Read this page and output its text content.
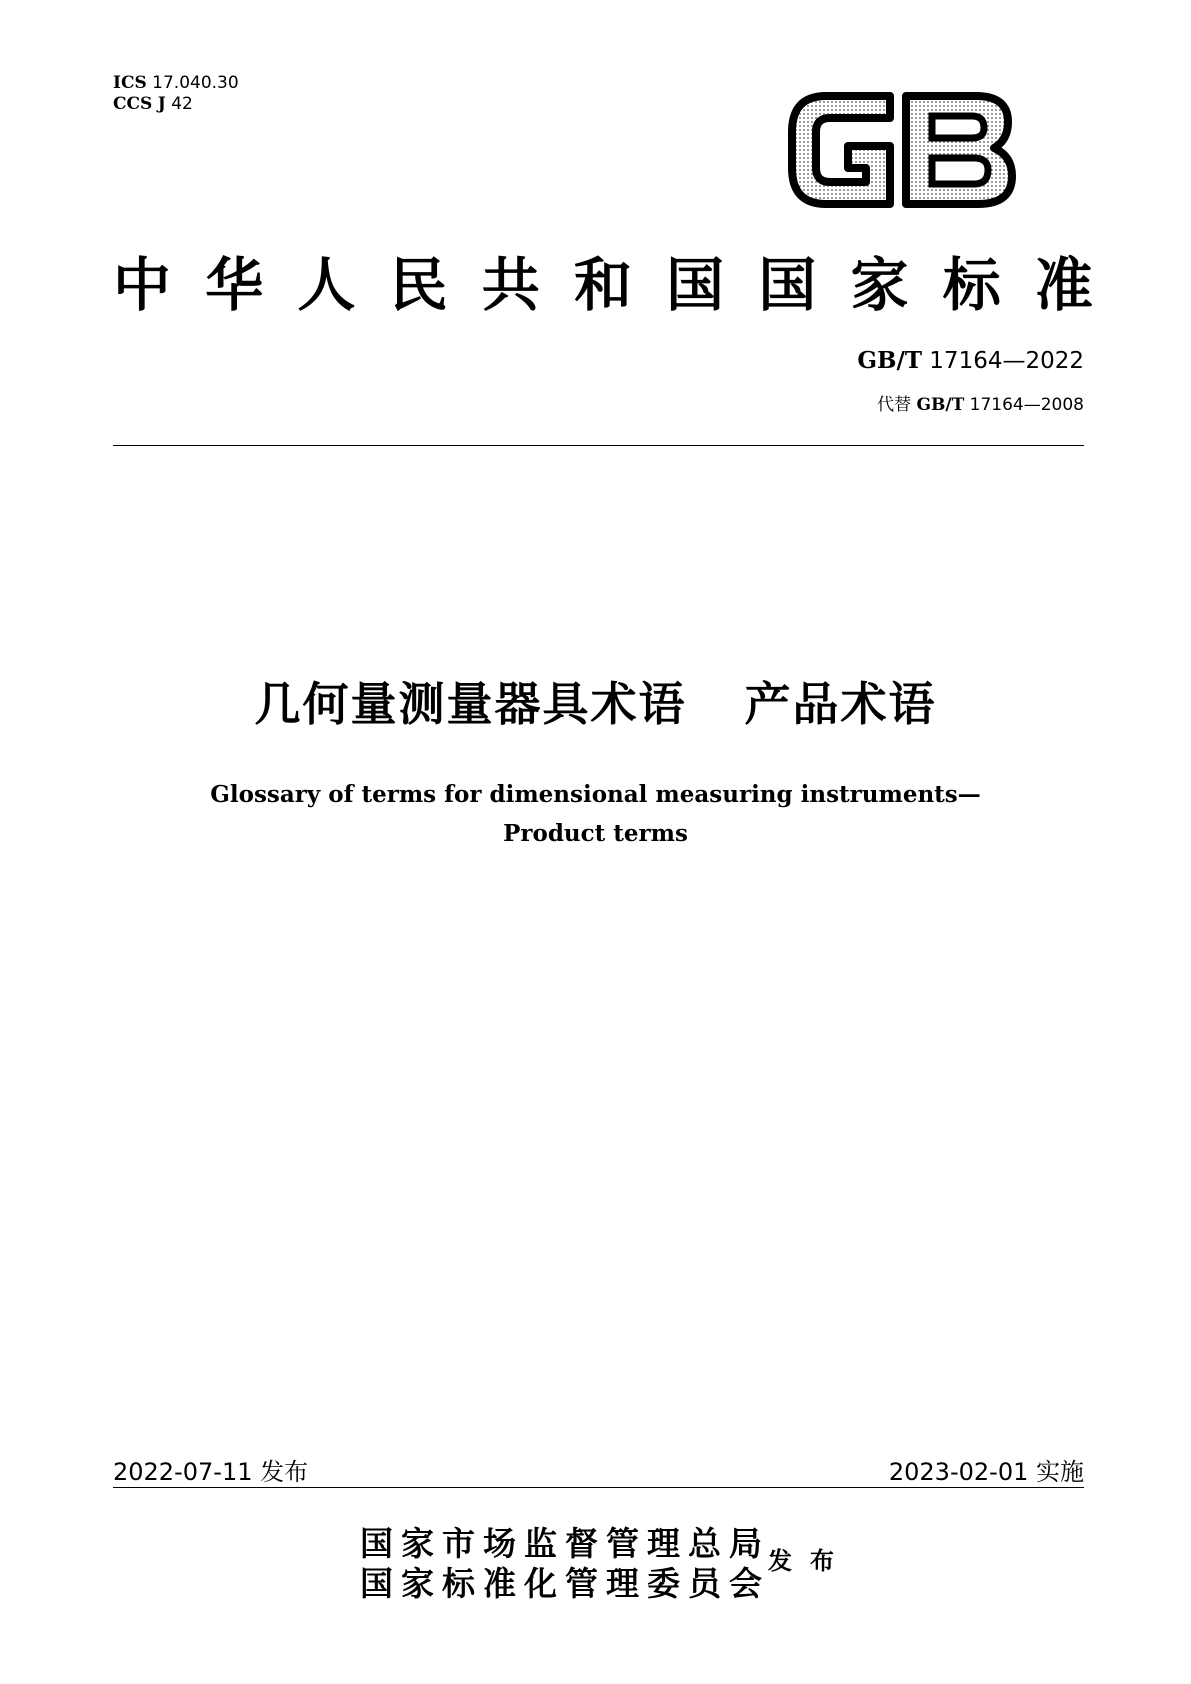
ICS 17.040.30
CCS J 42
中 华 人 民 共 和 国 国 家 标 准
GB/T 17164—2022
代替 GB/T 17164—2008
几何量测量器具术语 产品术语
Glossary of terms for dimensional measuring instruments—
Product terms
2022-07-11 发布	2023-02-01 实施
国家市场监督管理总局
国家标准化管理委员会
发布
